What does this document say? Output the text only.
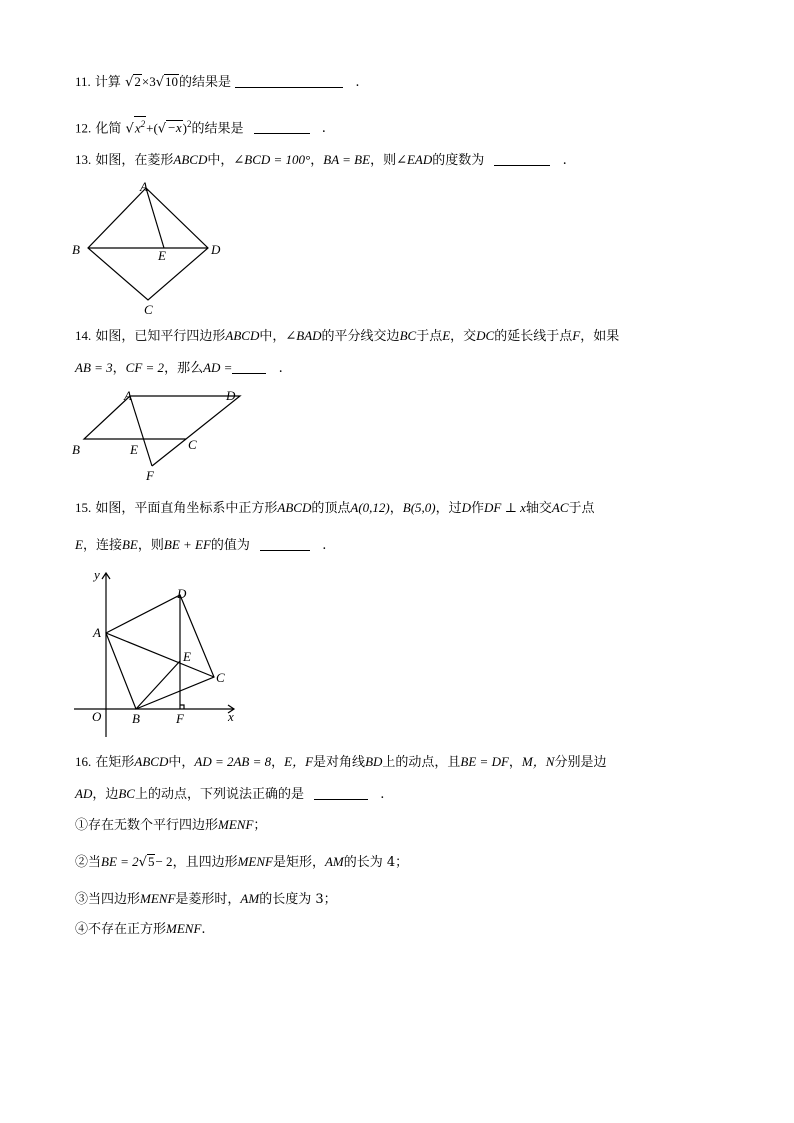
11. 计算 √2×3√10的结果是	.
12. 化简 $√x^2+(√-x)^2$的结果是	.
13. 如图，在菱形ABCD中，∠BCD = 100°，BA = BE，则∠EAD的度数为	.
A
B
C
D
E
14. 如图，已知平行四边形ABCD中，∠BAD的平分线交边BC于点E，交DC的延长线于点F，如果
AB = 3，CF = 2，那么AD =	.
A	D
B	E	C
F
15. 如图，平面直角坐标系中正方形ABCD的顶点A(0,12)，B(5,0)，过D作DF ⊥ x轴交AC于点
E，连接BE，则BE + EF的值为	.
y
x
O
A
B	F
C
D
E
16. 在矩形ABCD中，AD = 2AB = 8，E，F是对角线BD上的动点，且BE = DF，M，N分别是边
AD，边BC上的动点，下列说法正确的是	.
①存在无数个平行四边形MENF；
②当BE = 2√5− 2，且四边形MENF是矩形，AM的长为 4；
③当四边形MENF是菱形时，AM的长度为 3；
④不存在正方形MENF.
